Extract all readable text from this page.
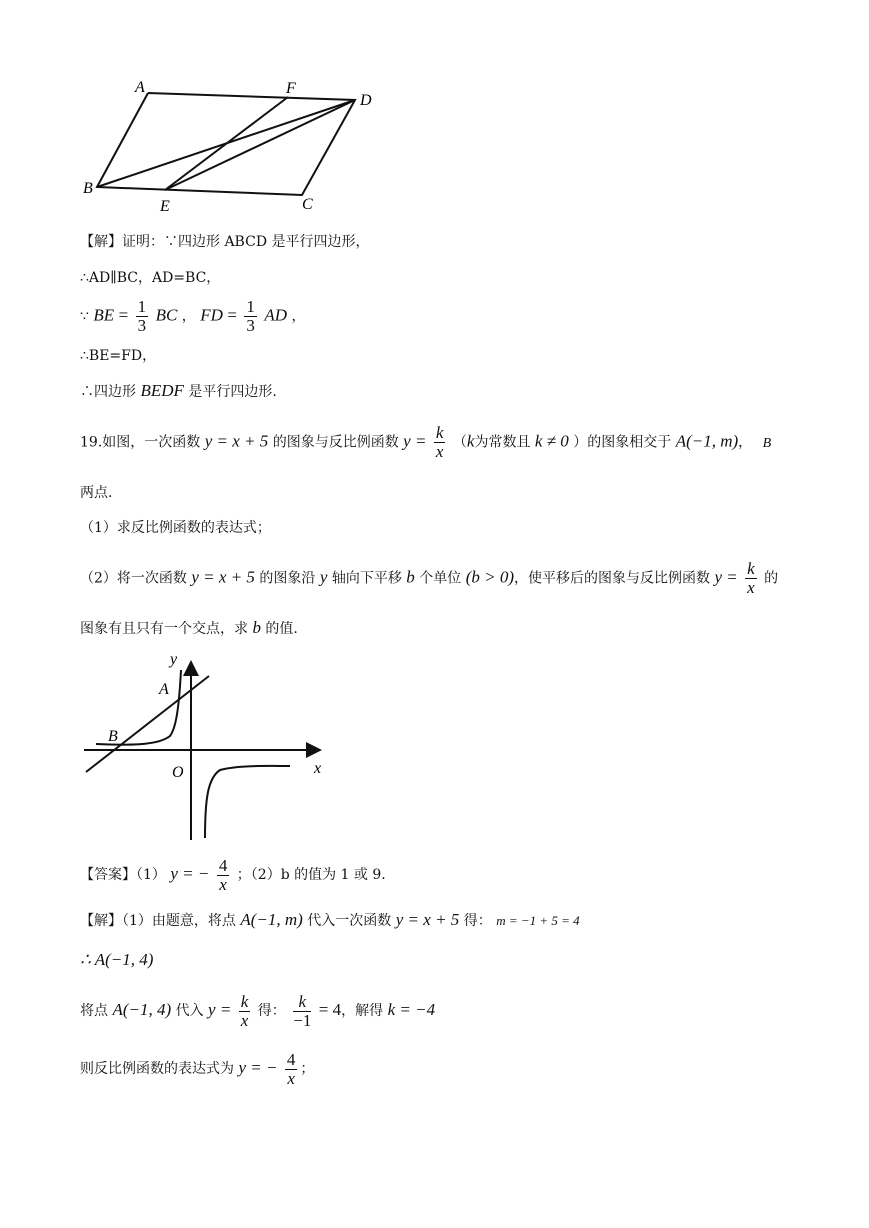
A	F
D
B
E	C
【解】证明：∵四边形 ABCD 是平行四边形，
∴AD∥BC，AD=BC，
∵ BE = $\frac{1}{3}$ BC ， FD = $\frac{1}{3}$ AD ，
∴BE=FD，
∴四边形 BEDF 是平行四边形.
19.如图，一次函数 y = x + 5 的图象与反比例函数 $y = \frac{k}{x} (k$为常数且 k ≠ 0 ）的图象相交于 A(−1, m)， B
两点.
（1）求反比例函数的表达式；
（2）将一次函数 y = x + 5 的图象沿 y 轴向下平移 b 个单位 (b > 0)，使平移后的图象与反比例函数 $y = \frac{k}{x}$ 的
图象有且只有一个交点，求 b 的值.
y
A
B
O	x
【答案】（1） y = − $\frac{4}{x}$ ；（2）b 的值为 1 或 9.
【解】（1）由题意，将点 A(−1, m) 代入一次函数 y = x + 5 得： m = −1 + 5 = 4
∴ A(−1, 4)
将点 A(−1, 4) 代入 $y = \frac{k}{x}$ 得： $\frac{k}{-1} = 4$，解得 k = −4
则反比例函数的表达式为 y = − $\frac{4}{x}$ ；
